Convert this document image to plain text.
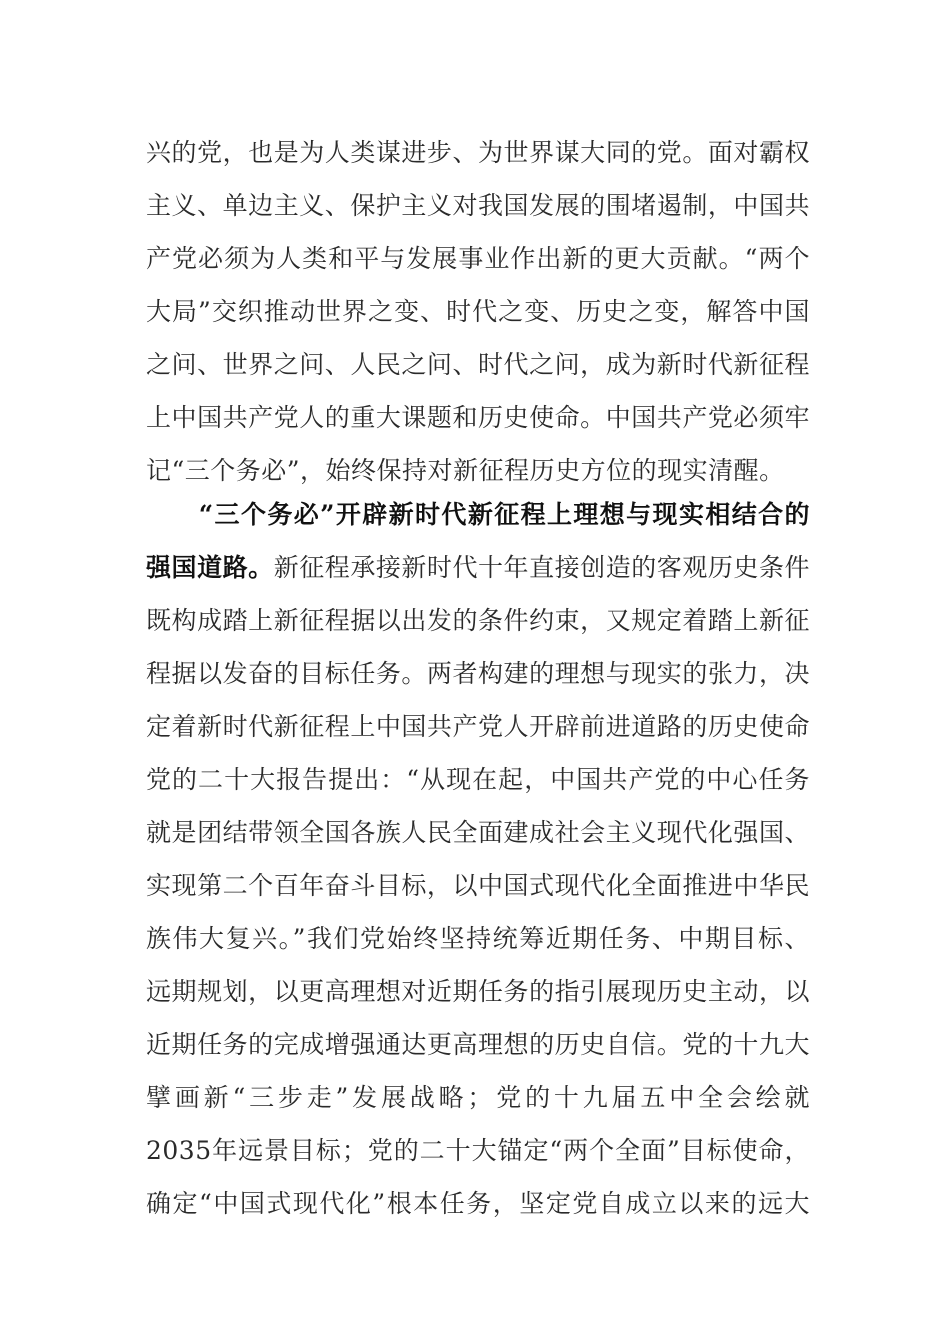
兴的党，也是为人类谋进步、为世界谋大同的党。面对霸权
主义、单边主义、保护主义对我国发展的围堵遏制，中国共
产党必须为人类和平与发展事业作出新的更大贡献。“两个
大局”交织推动世界之变、时代之变、历史之变，解答中国
之问、世界之问、人民之问、时代之问，成为新时代新征程
上中国共产党人的重大课题和历史使命。中国共产党必须牢
记“三个务必”，始终保持对新征程历史方位的现实清醒。
　　“三个务必”开辟新时代新征程上理想与现实相结合的
强国道路。新征程承接新时代十年直接创造的客观历史条件
既构成踏上新征程据以出发的条件约束，又规定着踏上新征
程据以发奋的目标任务。两者构建的理想与现实的张力，决
定着新时代新征程上中国共产党人开辟前进道路的历史使命
党的二十大报告提出：“从现在起，中国共产党的中心任务
就是团结带领全国各族人民全面建成社会主义现代化强国、
实现第二个百年奋斗目标，以中国式现代化全面推进中华民
族伟大复兴。”我们党始终坚持统筹近期任务、中期目标、
远期规划，以更高理想对近期任务的指引展现历史主动，以
近期任务的完成增强通达更高理想的历史自信。党的十九大
擘画新“三步走”发展战略；党的十九届五中全会绘就
2035年远景目标；党的二十大锚定“两个全面”目标使命，
确定“中国式现代化”根本任务，坚定党自成立以来的远大
